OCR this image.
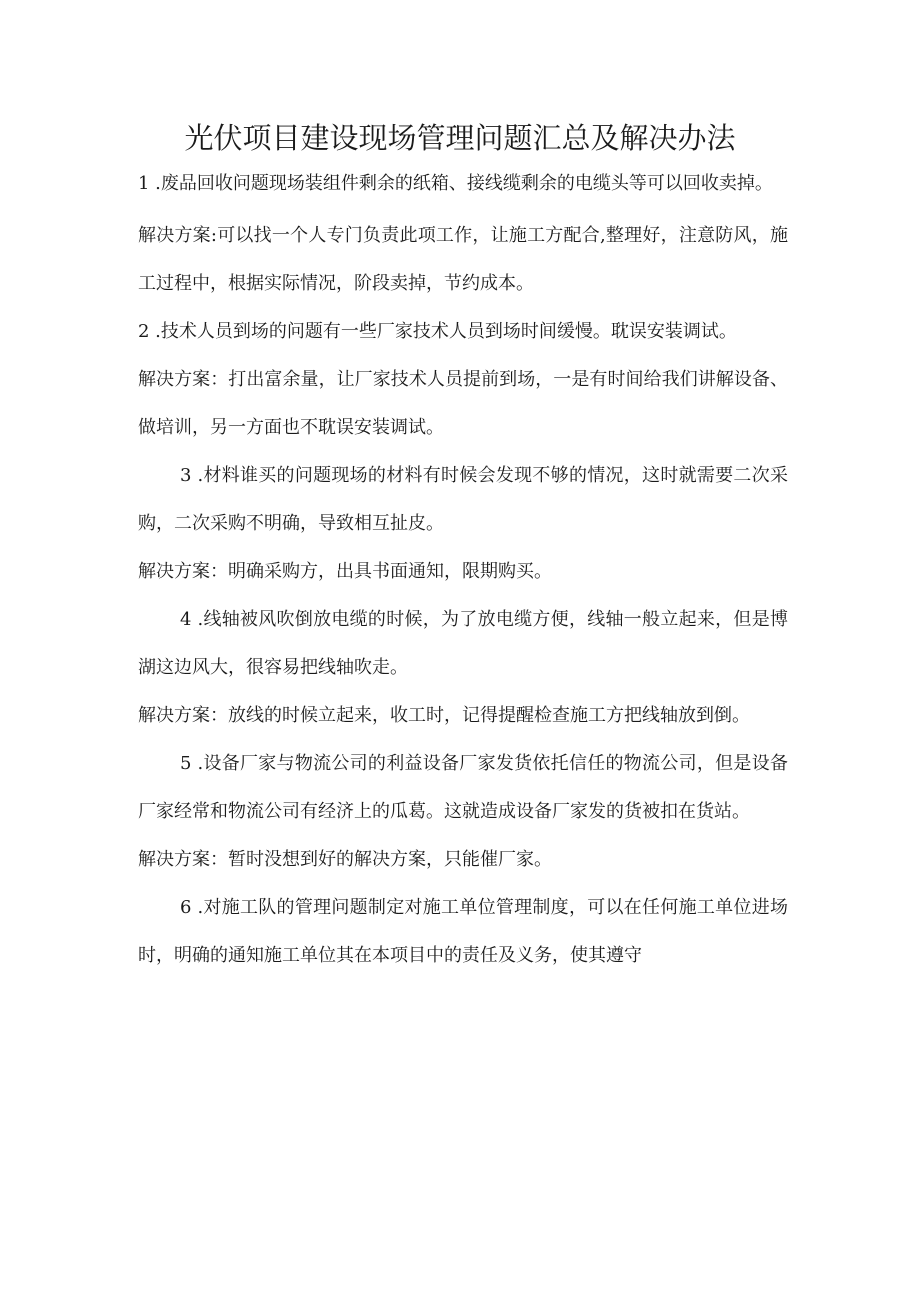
光伏项目建设现场管理问题汇总及解决办法

1 .废品回收问题现场装组件剩余的纸箱、接线缆剩余的电缆头等可以回收卖掉。

解决方案:可以找一个人专门负责此项工作，让施工方配合,整理好，注意防风，施工过程中，根据实际情况，阶段卖掉，节约成本。

2 .技术人员到场的问题有一些厂家技术人员到场时间缓慢。耽误安装调试。

解决方案：打出富余量，让厂家技术人员提前到场，一是有时间给我们讲解设备、做培训，另一方面也不耽误安装调试。

3 .材料谁买的问题现场的材料有时候会发现不够的情况，这时就需要二次采购，二次采购不明确，导致相互扯皮。

解决方案：明确采购方，出具书面通知，限期购买。

4 .线轴被风吹倒放电缆的时候，为了放电缆方便，线轴一般立起来，但是博湖这边风大，很容易把线轴吹走。

解决方案：放线的时候立起来，收工时，记得提醒检查施工方把线轴放到倒。

5 .设备厂家与物流公司的利益设备厂家发货依托信任的物流公司，但是设备厂家经常和物流公司有经济上的瓜葛。这就造成设备厂家发的货被扣在货站。

解决方案：暂时没想到好的解决方案，只能催厂家。

6 .对施工队的管理问题制定对施工单位管理制度，可以在任何施工单位进场时，明确的通知施工单位其在本项目中的责任及义务，使其遵守
